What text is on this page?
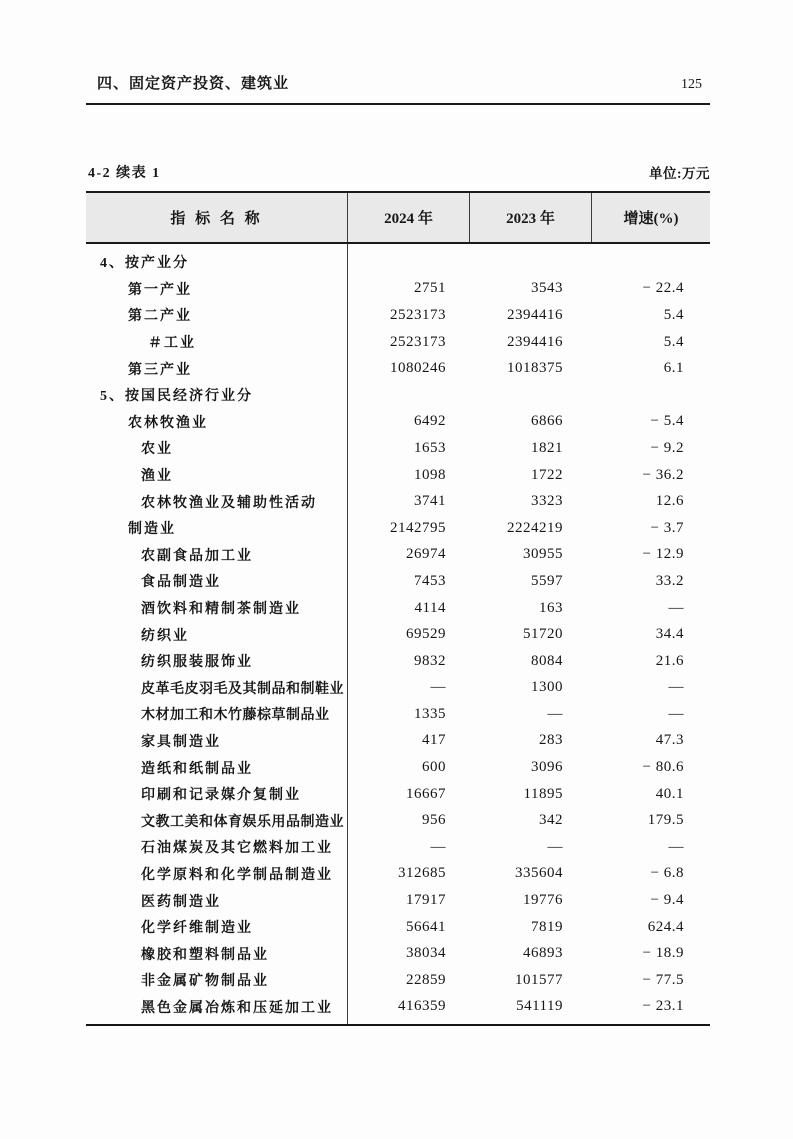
四、固定资产投资、建筑业	125
4-2 续表 1	单位:万元
指 标 名 称	2024 年	2023 年	增速(%)
4、按产业分
第一产业	2751	3543	− 22.4
第二产业	2523173	2394416	5.4
＃工业	2523173	2394416	5.4
第三产业	1080246	1018375	6.1
5、按国民经济行业分
农林牧渔业	6492	6866	− 5.4
农业	1653	1821	− 9.2
渔业	1098	1722	− 36.2
农林牧渔业及辅助性活动	3741	3323	12.6
制造业	2142795	2224219	− 3.7
农副食品加工业	26974	30955	− 12.9
食品制造业	7453	5597	33.2
酒饮料和精制茶制造业	4114	163	—
纺织业	69529	51720	34.4
纺织服装服饰业	9832	8084	21.6
皮革毛皮羽毛及其制品和制鞋业	—	1300	—
木材加工和木竹藤棕草制品业	1335	—	—
家具制造业	417	283	47.3
造纸和纸制品业	600	3096	− 80.6
印刷和记录媒介复制业	16667	11895	40.1
文教工美和体育娱乐用品制造业	956	342	179.5
石油煤炭及其它燃料加工业	—	—	—
化学原料和化学制品制造业	312685	335604	− 6.8
医药制造业	17917	19776	− 9.4
化学纤维制造业	56641	7819	624.4
橡胶和塑料制品业	38034	46893	− 18.9
非金属矿物制品业	22859	101577	− 77.5
黑色金属冶炼和压延加工业	416359	541119	− 23.1
